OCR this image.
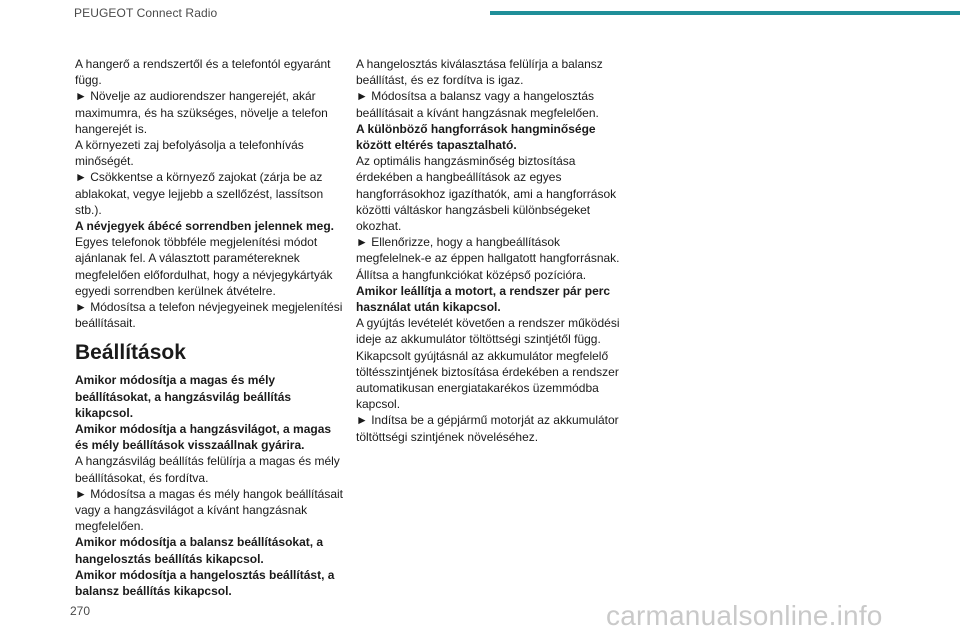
PEUGEOT Connect Radio

A hangerő a rendszertől és a telefontól egyaránt függ.

► Növelje az audiorendszer hangerejét, akár maximumra, és ha szükséges, növelje a telefon hangerejét is.

A környezeti zaj befolyásolja a telefonhívás minőségét.

► Csökkentse a környező zajokat (zárja be az ablakokat, vegye lejjebb a szellőzést, lassítson stb.).

A névjegyek ábécé sorrendben jelennek meg.

Egyes telefonok többféle megjelenítési módot ajánlanak fel. A választott paramétereknek megfelelően előfordulhat, hogy a névjegykártyák egyedi sorrendben kerülnek átvételre.

► Módosítsa a telefon névjegyeinek megjelenítési beállításait.

Beállítások

Amikor módosítja a magas és mély beállításokat, a hangzásvilág beállítás kikapcsol.

Amikor módosítja a hangzásvilágot, a magas és mély beállítások visszaállnak gyárira.

A hangzásvilág beállítás felülírja a magas és mély beállításokat, és fordítva.

► Módosítsa a magas és mély hangok beállításait vagy a hangzásvilágot a kívánt hangzásnak megfelelően.

Amikor módosítja a balansz beállításokat, a hangelosztás beállítás kikapcsol.

Amikor módosítja a hangelosztás beállítást, a balansz beállítás kikapcsol.

A hangelosztás kiválasztása felülírja a balansz beállítást, és ez fordítva is igaz.

► Módosítsa a balansz vagy a hangelosztás beállításait a kívánt hangzásnak megfelelően.

A különböző hangforrások hangminősége között eltérés tapasztalható.

Az optimális hangzásminőség biztosítása érdekében a hangbeállítások az egyes hangforrásokhoz igazíthatók, ami a hangforrások közötti váltáskor hangzásbeli különbségeket okozhat.

► Ellenőrizze, hogy a hangbeállítások megfelelnek-e az éppen hallgatott hangforrásnak. Állítsa a hangfunkciókat középső pozícióra.

Amikor leállítja a motort, a rendszer pár perc használat után kikapcsol.

A gyújtás levételét követően a rendszer működési ideje az akkumulátor töltöttségi szintjétől függ.

Kikapcsolt gyújtásnál az akkumulátor megfelelő töltésszintjének biztosítása érdekében a rendszer automatikusan energiatakarékos üzemmódba kapcsol.

► Indítsa be a gépjármű motorját az akkumulátor töltöttségi szintjének növeléséhez.

270	carmanualsonline.info
